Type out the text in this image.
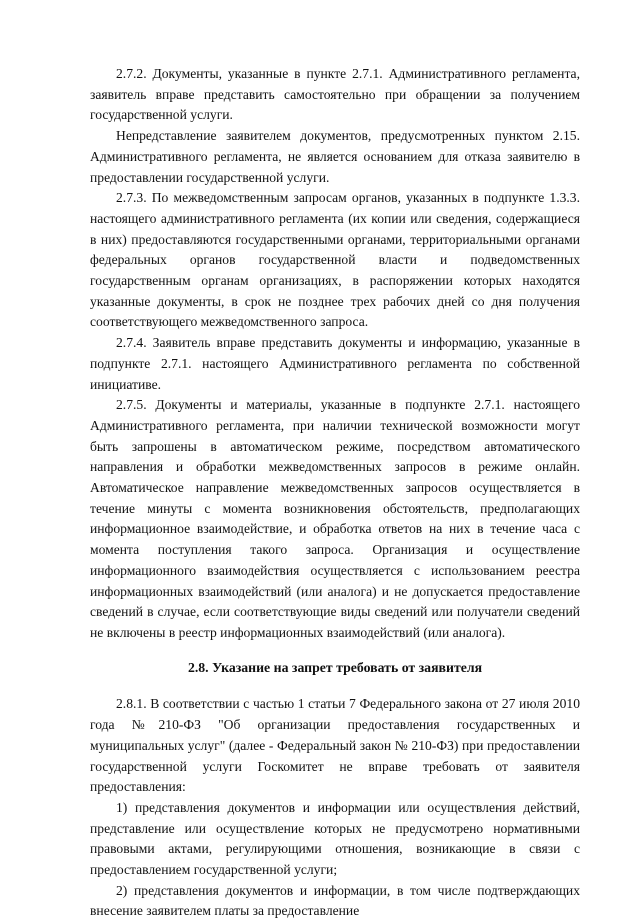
2.7.2. Документы, указанные в пункте 2.7.1. Административного регламента, заявитель вправе представить самостоятельно при обращении за получением государственной услуги.

Непредставление заявителем документов, предусмотренных пунктом 2.15. Административного регламента, не является основанием для отказа заявителю в предоставлении государственной услуги.

2.7.3. По межведомственным запросам органов, указанных в подпункте 1.3.3. настоящего административного регламента (их копии или сведения, содержащиеся в них) предоставляются государственными органами, территориальными органами федеральных органов государственной власти и подведомственных государственным органам организациях, в распоряжении которых находятся указанные документы, в срок не позднее трех рабочих дней со дня получения соответствующего межведомственного запроса.

2.7.4. Заявитель вправе представить документы и информацию, указанные в подпункте 2.7.1. настоящего Административного регламента по собственной инициативе.

2.7.5. Документы и материалы, указанные в подпункте 2.7.1. настоящего Административного регламента, при наличии технической возможности могут быть запрошены в автоматическом режиме, посредством автоматического направления и обработки межведомственных запросов в режиме онлайн. Автоматическое направление межведомственных запросов осуществляется в течение минуты с момента возникновения обстоятельств, предполагающих информационное взаимодействие, и обработка ответов на них в течение часа с момента поступления такого запроса. Организация и осуществление информационного взаимодействия осуществляется с использованием реестра информационных взаимодействий (или аналога) и не допускается предоставление сведений в случае, если соответствующие виды сведений или получатели сведений не включены в реестр информационных взаимодействий (или аналога).

2.8. Указание на запрет требовать от заявителя

2.8.1. В соответствии с частью 1 статьи 7 Федерального закона от 27 июля 2010 года №210-ФЗ "Об организации предоставления государственных и муниципальных услуг" (далее - Федеральный закон № 210-ФЗ) при предоставлении государственной услуги Госкомитет не вправе требовать от заявителя предоставления:

1) представления документов и информации или осуществления действий, представление или осуществление которых не предусмотрено нормативными правовыми актами, регулирующими отношения, возникающие в связи с предоставлением государственной услуги;

2) представления документов и информации, в том числе подтверждающих внесение заявителем платы за предоставление
